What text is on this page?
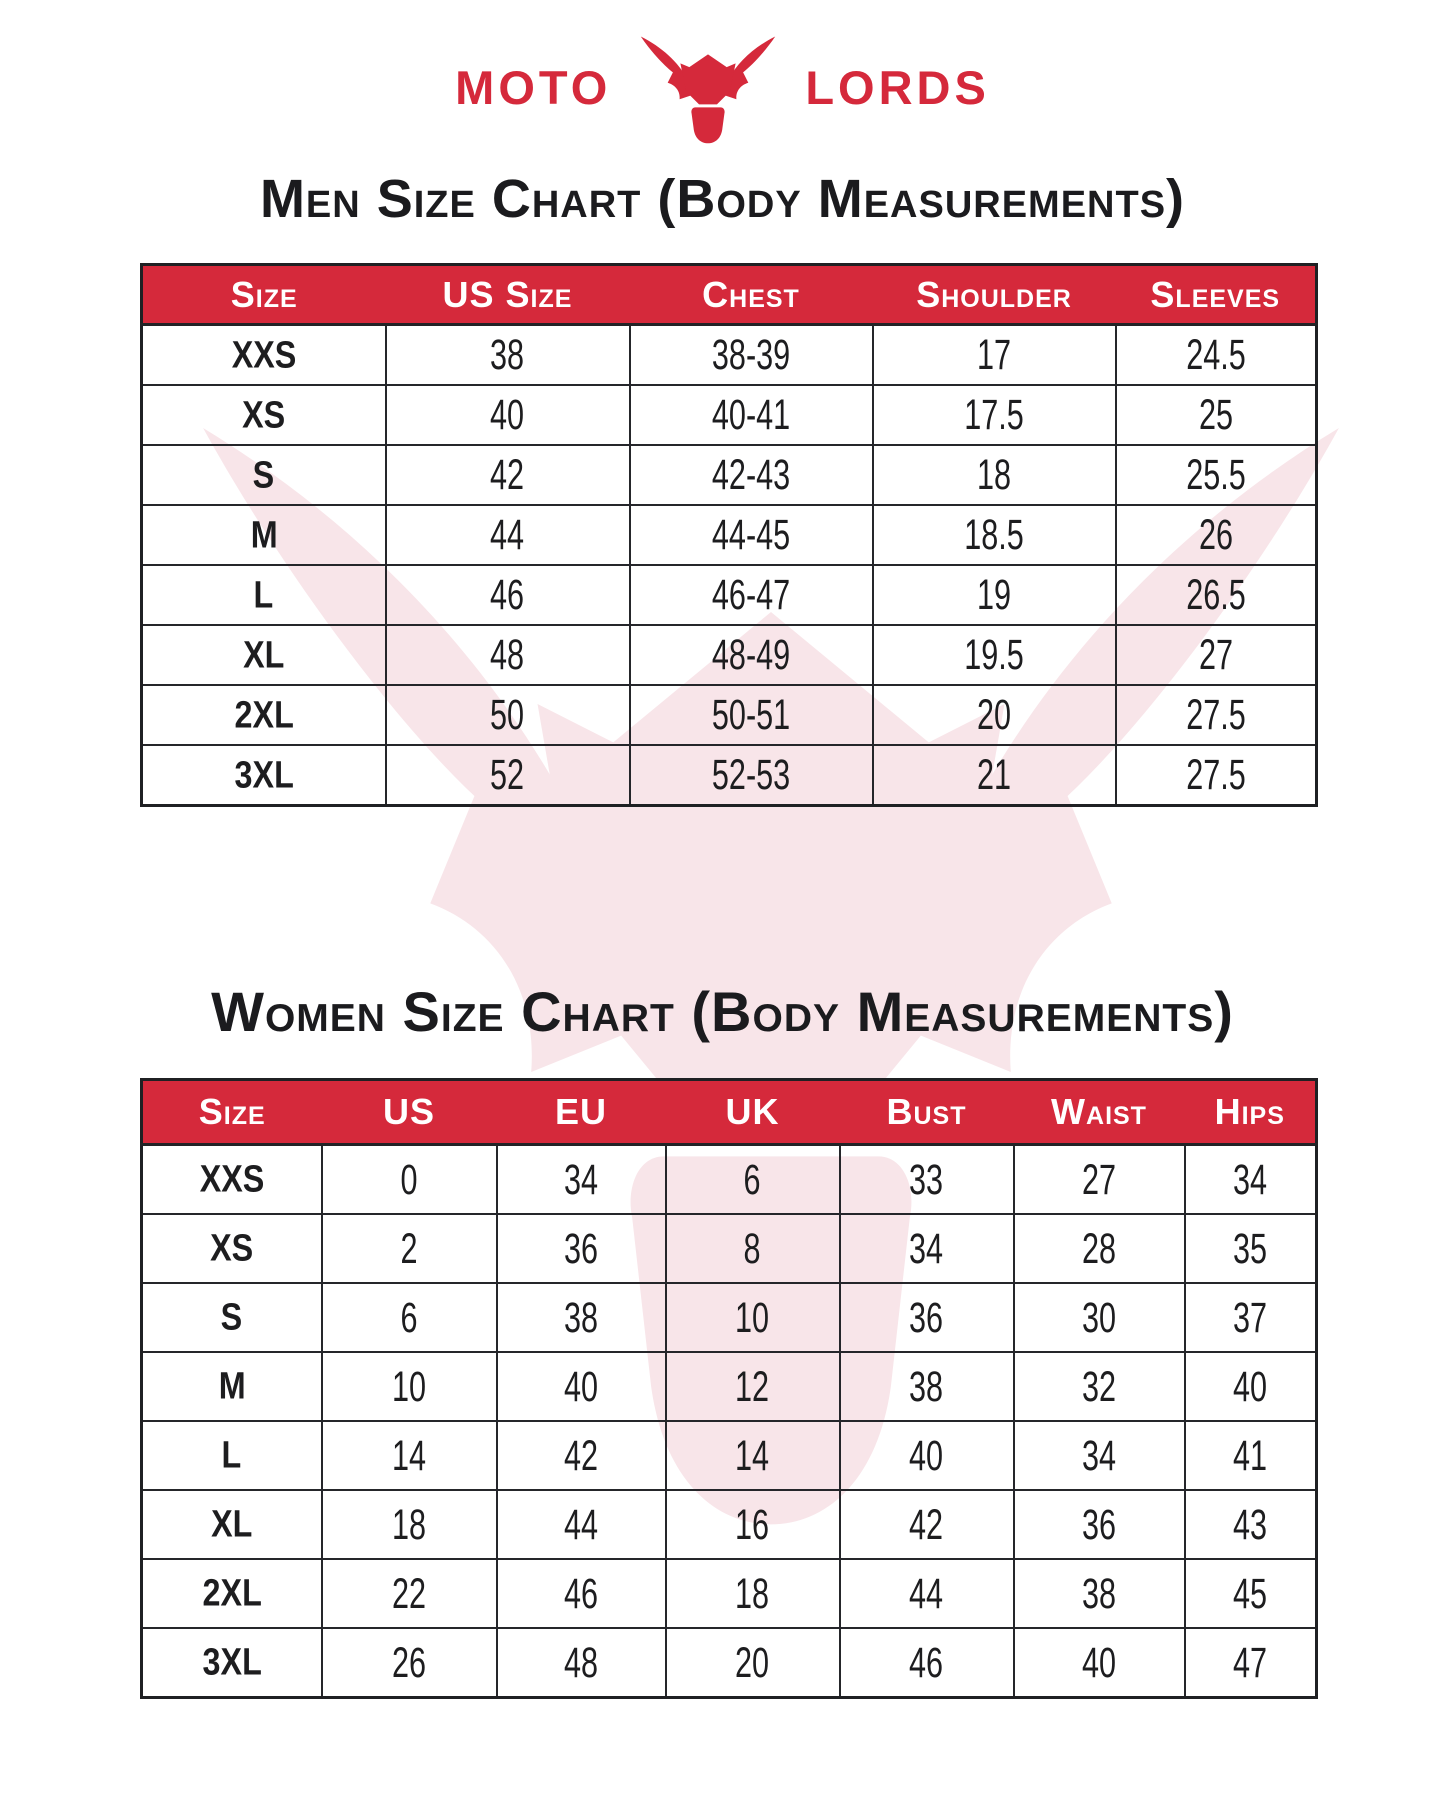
MOTO	LORDS
Men Size Chart (Body Measurements)
Size	US Size	Chest	Shoulder	Sleeves
XXS	38	38-39	17	24.5
XS	40	40-41	17.5	25
S	42	42-43	18	25.5
M	44	44-45	18.5	26
L	46	46-47	19	26.5
XL	48	48-49	19.5	27
2XL	50	50-51	20	27.5
3XL	52	52-53	21	27.5
Women Size Chart (Body Measurements)
Size	US	EU	UK	Bust	Waist	Hips
XXS	0	34	6	33	27	34
XS	2	36	8	34	28	35
S	6	38	10	36	30	37
M	10	40	12	38	32	40
L	14	42	14	40	34	41
XL	18	44	16	42	36	43
2XL	22	46	18	44	38	45
3XL	26	48	20	46	40	47
